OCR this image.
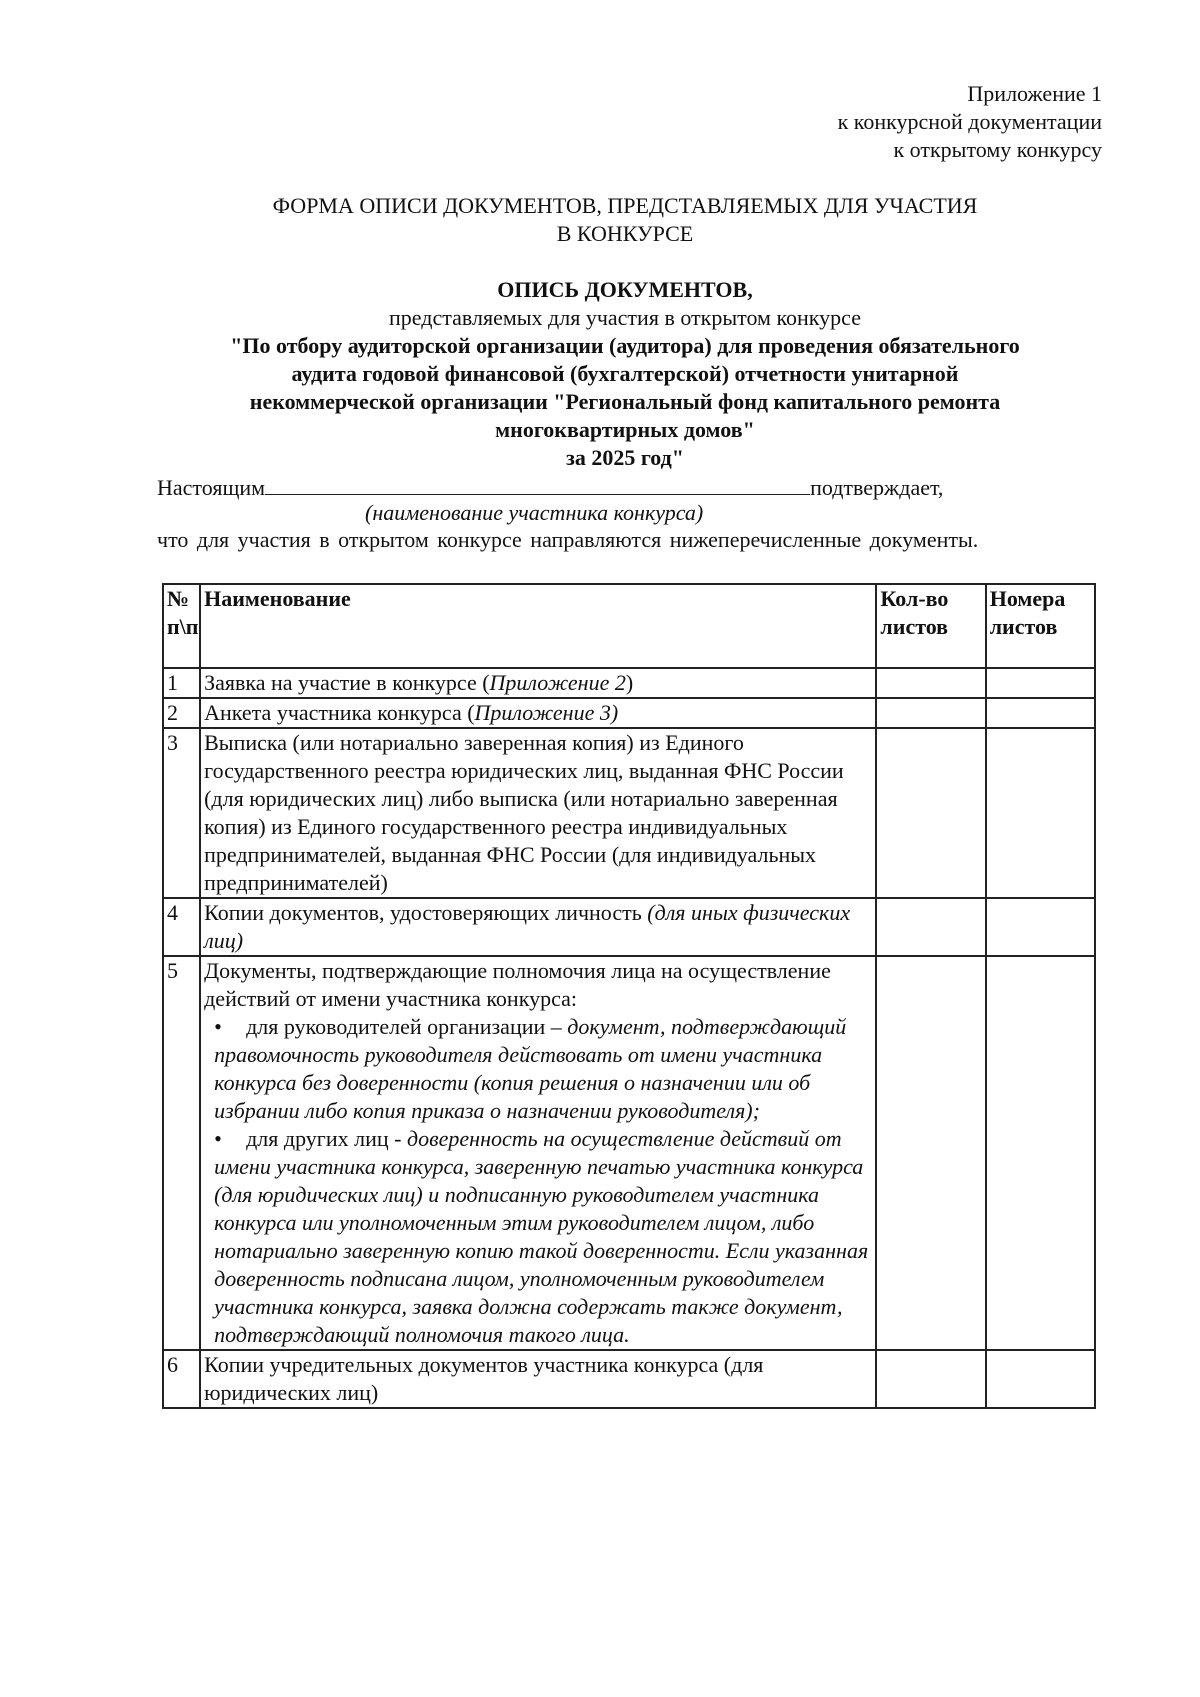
Приложение 1
к конкурсной документации
к открытому конкурсу
ФОРМА ОПИСИ ДОКУМЕНТОВ, ПРЕДСТАВЛЯЕМЫХ ДЛЯ УЧАСТИЯ
В КОНКУРСЕ
ОПИСЬ ДОКУМЕНТОВ,
представляемых для участия в открытом конкурсе
"По отбору аудиторской организации (аудитора) для проведения обязательного
аудита годовой финансовой (бухгалтерской) отчетности унитарной
некоммерческой организации "Региональный фонд капитального ремонта
многоквартирных домов"
за 2025 год"
Настоящим	подтверждает,
(наименование участника конкурса)
что для участия в открытом конкурсе направляются нижеперечисленные документы.
№ п\п	Наименование	Кол-во листов	Номера листов
1	Заявка на участие в конкурсе (Приложение 2)		
2	Анкета участника конкурса (Приложение 3)		
3	Выписка (или нотариально заверенная копия) из Единого государственного реестра юридических лиц, выданная ФНС России (для юридических лиц) либо выписка (или нотариально заверенная копия) из Единого государственного реестра индивидуальных предпринимателей, выданная ФНС России (для индивидуальных предпринимателей)		
4	Копии документов, удостоверяющих личность (для иных физических лиц)		
5	Документы, подтверждающие полномочия лица на осуществление действий от имени участника конкурса:
• для руководителей организации – документ, подтверждающий правомочность руководителя действовать от имени участника конкурса без доверенности (копия решения о назначении или об избрании либо копия приказа о назначении руководителя);
• для других лиц - доверенность на осуществление действий от имени участника конкурса, заверенную печатью участника конкурса (для юридических лиц) и подписанную руководителем участника конкурса или уполномоченным этим руководителем лицом, либо нотариально заверенную копию такой доверенности. Если указанная доверенность подписана лицом, уполномоченным руководителем участника конкурса, заявка должна содержать также документ, подтверждающий полномочия такого лица.		

6	Копии учредительных документов участника конкурса (для юридических лиц)		
